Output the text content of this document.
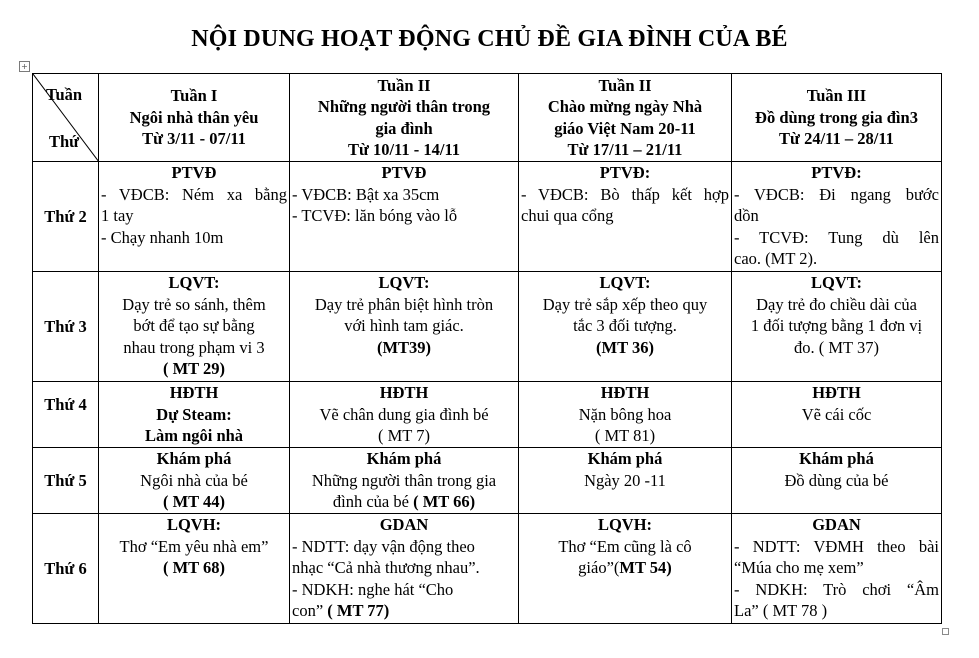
NỘI DUNG HOẠT ĐỘNG CHỦ ĐỀ GIA ĐÌNH CỦA BÉ
+
Tuần
Thứ	Tuần I
Ngôi nhà thân yêu
Từ 3/11 - 07/11	Tuần II
Những người thân trong
gia đình
Từ 10/11 - 14/11	Tuần II
Chào mừng ngày Nhà
giáo Việt Nam 20-11
Từ 17/11 – 21/11	Tuần III
Đồ dùng trong gia đìn3
Từ 24/11 – 28/11

Thứ 2	PTVĐ
- VĐCB: Ném xa bằng
1 tay
- Chạy nhanh 10m	PTVĐ
- VĐCB: Bật xa 35cm
- TCVĐ: lăn bóng vào lỗ	PTVĐ:
- VĐCB: Bò thấp kết hợp
chui qua cổng	PTVĐ:
- VĐCB: Đi ngang bước
dồn
- TCVĐ: Tung dù lên
cao. (MT 2).

Thứ 3	LQVT:
Dạy trẻ so sánh, thêm
bớt để tạo sự bằng
nhau trong phạm vi 3
( MT 29)	LQVT:
Dạy trẻ phân biệt hình tròn
với hình tam giác.
(MT39)	LQVT:
Dạy trẻ sắp xếp theo quy
tắc 3 đối tượng.
(MT 36)	LQVT:
Dạy trẻ đo chiều dài của
1 đối tượng bằng 1 đơn vị
đo. ( MT 37)

Thứ 4	HĐTH
Dự Steam:
Làm ngôi nhà	HĐTH
Vẽ chân dung gia đình bé
( MT 7)	HĐTH
Nặn bông hoa
( MT 81)	HĐTH
Vẽ cái cốc

Thứ 5	Khám phá
Ngôi nhà của bé
( MT 44)	Khám phá
Những người thân trong gia
đình của bé ( MT 66)	Khám phá
Ngày 20 -11	Khám phá
Đồ dùng của bé

Thứ 6	LQVH:
Thơ “Em yêu nhà em”
( MT 68)	GDAN
- NDTT: dạy vận động theo
nhạc “Cả nhà thương nhau”.
- NDKH: nghe hát “Cho
con” ( MT 77)	LQVH:
Thơ “Em cũng là cô
giáo”(MT 54)	GDAN
- NDTT: VĐMH theo bài
“Múa cho mẹ xem”
- NDKH: Trò chơi “Âm
La” ( MT 78 )
